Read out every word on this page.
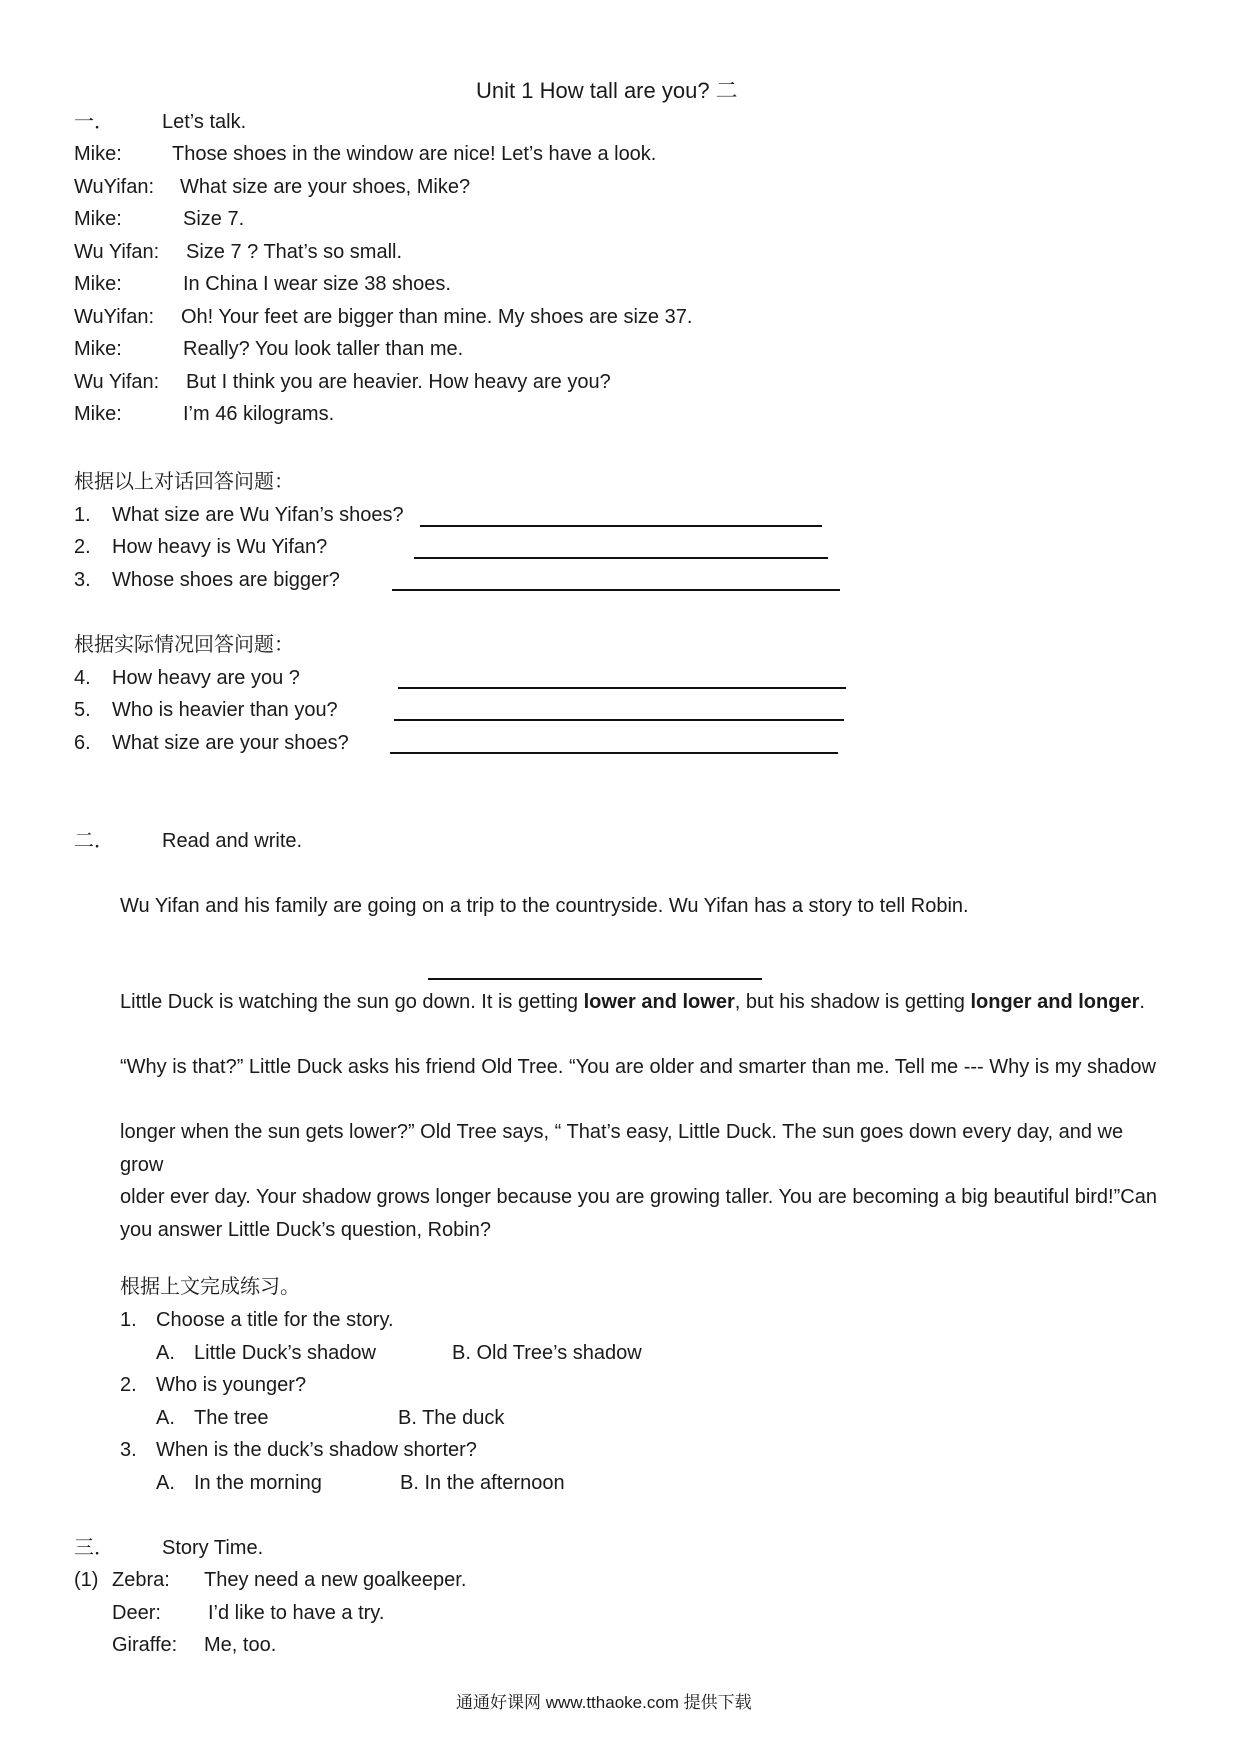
Unit 1 How tall are you? 二
一． Let’s talk.
Mike:	Those shoes in the window are nice! Let’s have a look.
WuYifan: What size are your shoes, Mike?
Mike:	Size 7.
Wu Yifan: Size 7 ? That’s so small.
Mike:	In China I wear size 38 shoes.
WuYifan: Oh! Your feet are bigger than mine. My shoes are size 37.
Mike:	Really? You look taller than me.
Wu Yifan: But I think you are heavier. How heavy are you?
Mike:	I’m 46 kilograms.
根据以上对话回答问题：
1. What size are Wu Yifan’s shoes?
2. How heavy is Wu Yifan?
3. Whose shoes are bigger?
根据实际情况回答问题：
4. How heavy are you ?
5. Who is heavier than you?
6. What size are your shoes?
二． Read and write.
Wu Yifan and his family are going on a trip to the countryside. Wu Yifan has a story to tell Robin.
Little Duck is watching the sun go down. It is getting lower and lower, but his shadow is getting longer and longer.
“Why is that?” Little Duck asks his friend Old Tree. “You are older and smarter than me. Tell me --- Why is my shadow
longer when the sun gets lower?” Old Tree says, “ That’s easy, Little Duck. The sun goes down every day, and we grow
older ever day. Your shadow grows longer because you are growing taller. You are becoming a big beautiful bird!”Can you answer Little Duck’s question, Robin?
根据上文完成练习。
1. Choose a title for the story.
A. Little Duck’s shadow	B. Old Tree’s shadow
2. Who is younger?
A. The tree	B. The duck
3. When is the duck’s shadow shorter?
A. In the morning	B. In the afternoon
三． Story Time.
(1) Zebra: They need a new goalkeeper.
Deer: I’d like to have a try.
Giraffe: Me, too.
通通好课网 www.tthaoke.com 提供下载
